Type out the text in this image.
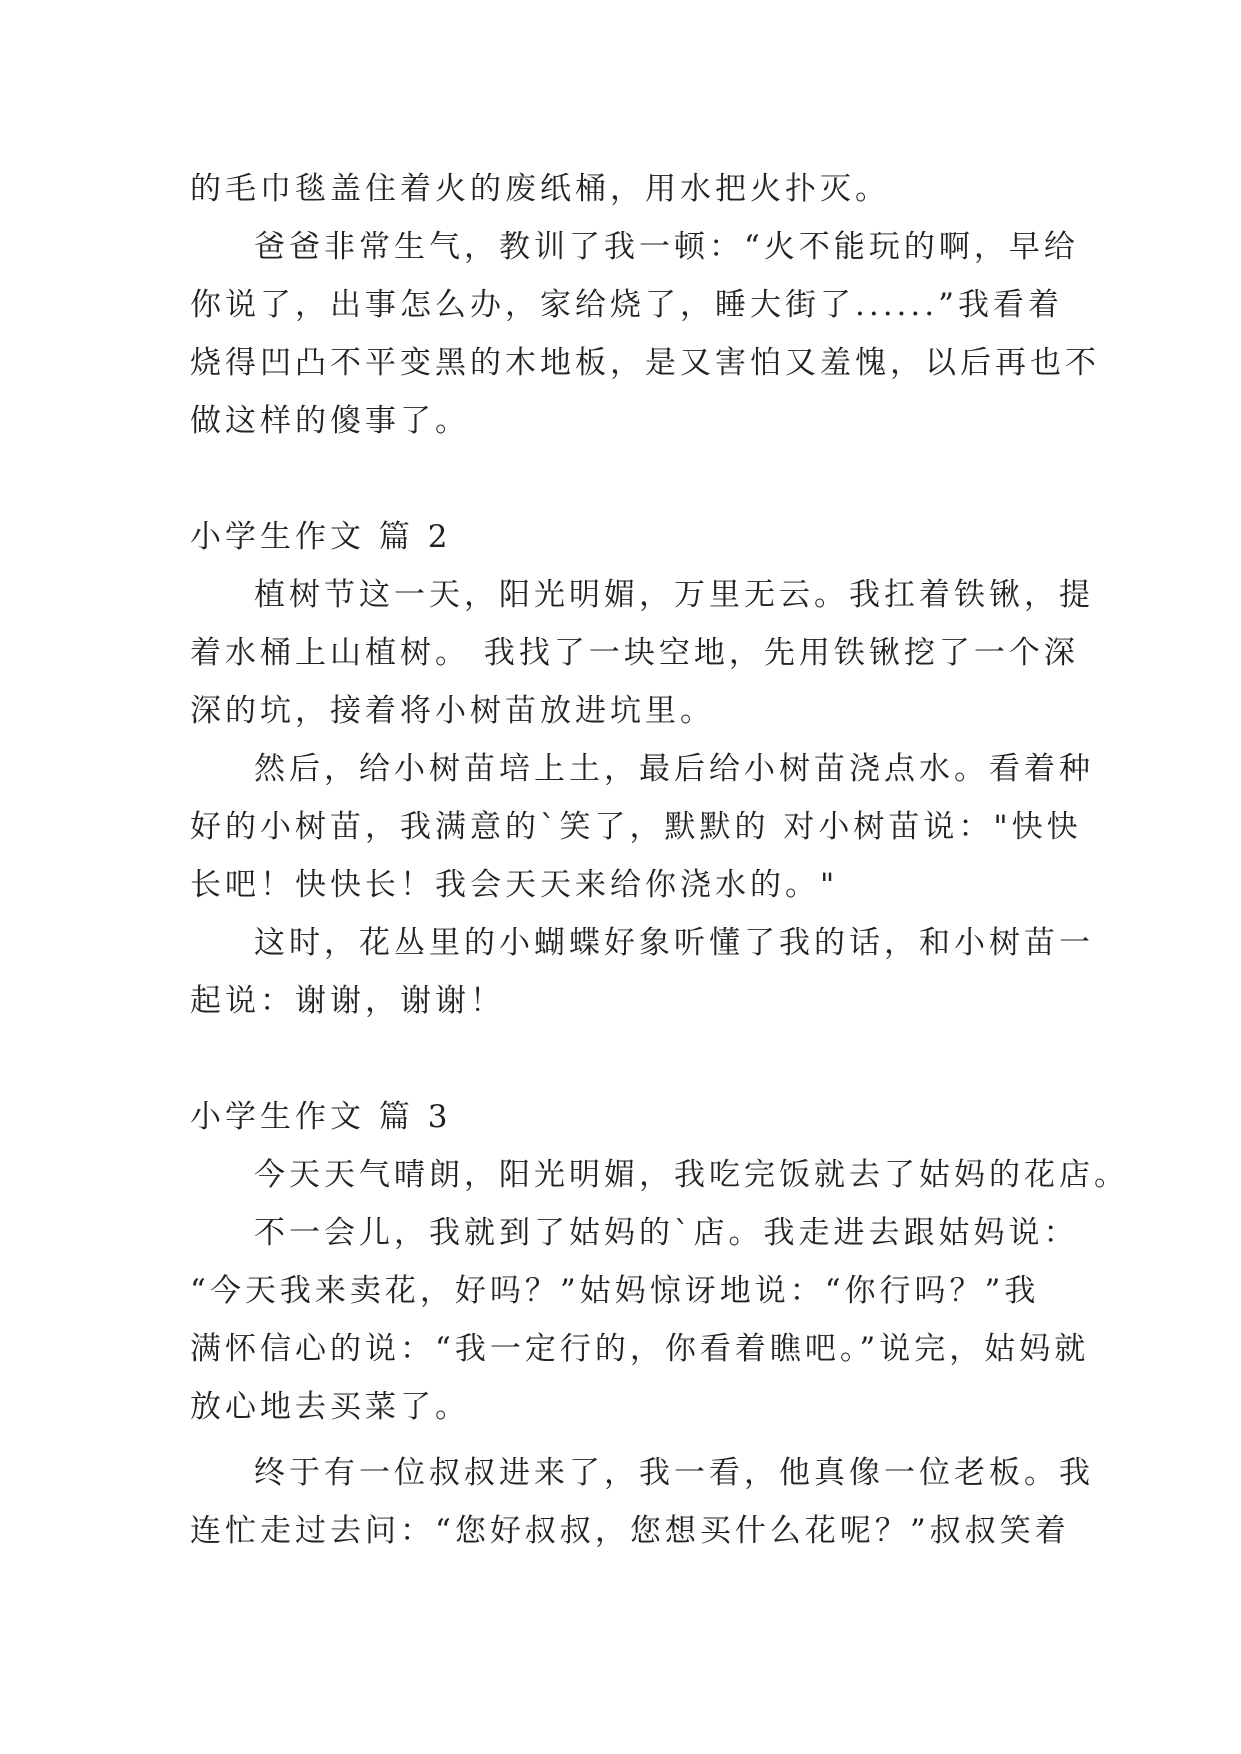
的毛巾毯盖住着火的废纸桶，用水把火扑灭。
爸爸非常生气，教训了我一顿：“火不能玩的啊，早给
你说了，出事怎么办，家给烧了，睡大街了......”我看着
烧得凹凸不平变黑的木地板，是又害怕又羞愧，以后再也不
做这样的傻事了。
小学生作文 篇 2
植树节这一天，阳光明媚，万里无云。我扛着铁锹，提
着水桶上山植树。 我找了一块空地，先用铁锹挖了一个深
深的坑，接着将小树苗放进坑里。
然后，给小树苗培上土，最后给小树苗浇点水。看着种
好的小树苗，我满意的`笑了，默默的 对小树苗说："快快
长吧！快快长！我会天天来给你浇水的。"
这时，花丛里的小蝴蝶好象听懂了我的话，和小树苗一
起说：谢谢，谢谢！
小学生作文 篇 3
今天天气晴朗，阳光明媚，我吃完饭就去了姑妈的花店。
不一会儿，我就到了姑妈的`店。我走进去跟姑妈说：
“今天我来卖花，好吗？”姑妈惊讶地说：“你行吗？”我
满怀信心的说：“我一定行的，你看着瞧吧。”说完，姑妈就
放心地去买菜了。
终于有一位叔叔进来了，我一看，他真像一位老板。我
连忙走过去问：“您好叔叔，您想买什么花呢？”叔叔笑着
